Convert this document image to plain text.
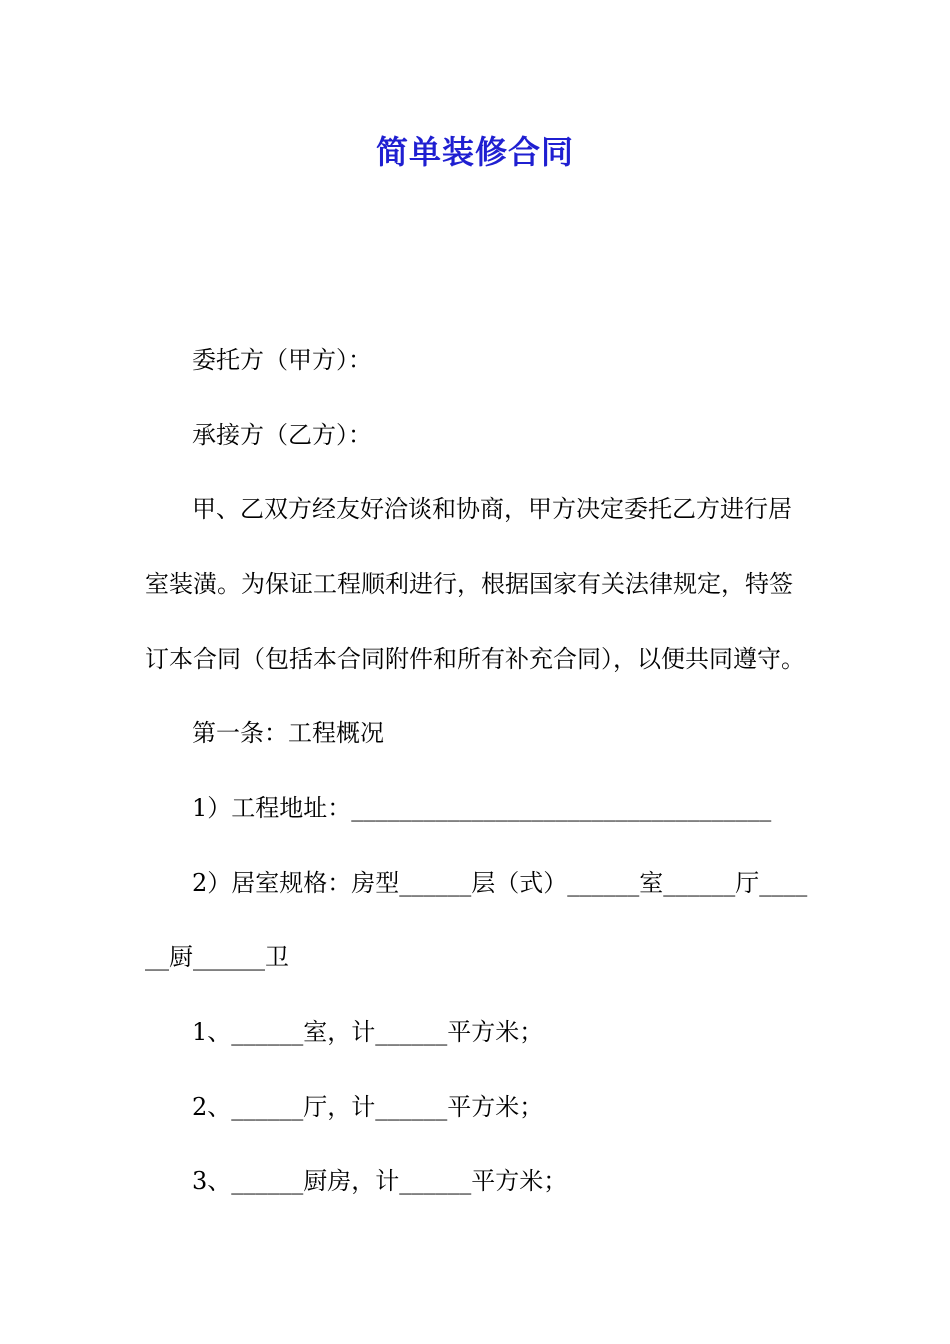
简单装修合同

委托方（甲方）：

承接方（乙方）：

甲、乙双方经友好洽谈和协商，甲方决定委托乙方进行居

室装潢。为保证工程顺利进行，根据国家有关法律规定，特签

订本合同（包括本合同附件和所有补充合同），以便共同遵守。

第一条：工程概况

1）工程地址：___________________________________

2）居室规格：房型______层（式）______室______厅____

__厨______卫

1、______室，计______平方米；

2、______厅，计______平方米；

3、______厨房，计______平方米；
